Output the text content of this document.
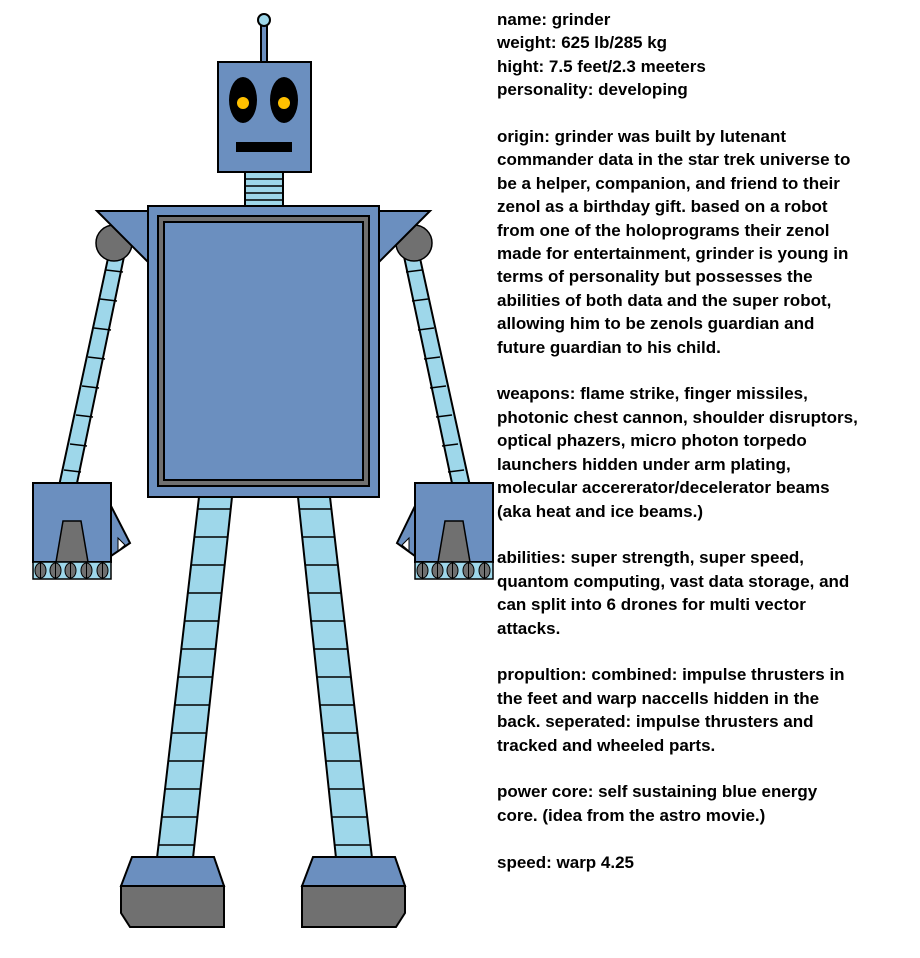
name: grinder
weight: 625 lb/285 kg
hight: 7.5 feet/2.3 meeters
personality: developing

origin: grinder was built by lutenant
commander data in the star trek universe to
be a helper, companion, and friend to their
zenol as a birthday gift. based on a robot
from one of the holoprograms their zenol
made for entertainment, grinder is young in
terms of personality but possesses the
abilities of both data and the super robot,
allowing him to be zenols guardian and
future guardian to his child.

weapons: flame strike, finger missiles,
photonic chest cannon, shoulder disruptors,
optical phazers, micro photon torpedo
launchers hidden under arm plating,
molecular accererator/decelerator beams
(aka heat and ice beams.)

abilities: super strength, super speed,
quantom computing, vast data storage, and
can split into 6 drones for multi vector
attacks.

propultion: combined: impulse thrusters in
the feet and warp naccells hidden in the
back. seperated: impulse thrusters and
tracked and wheeled parts.

power core: self sustaining blue energy
core. (idea from the astro movie.)

speed: warp 4.25
